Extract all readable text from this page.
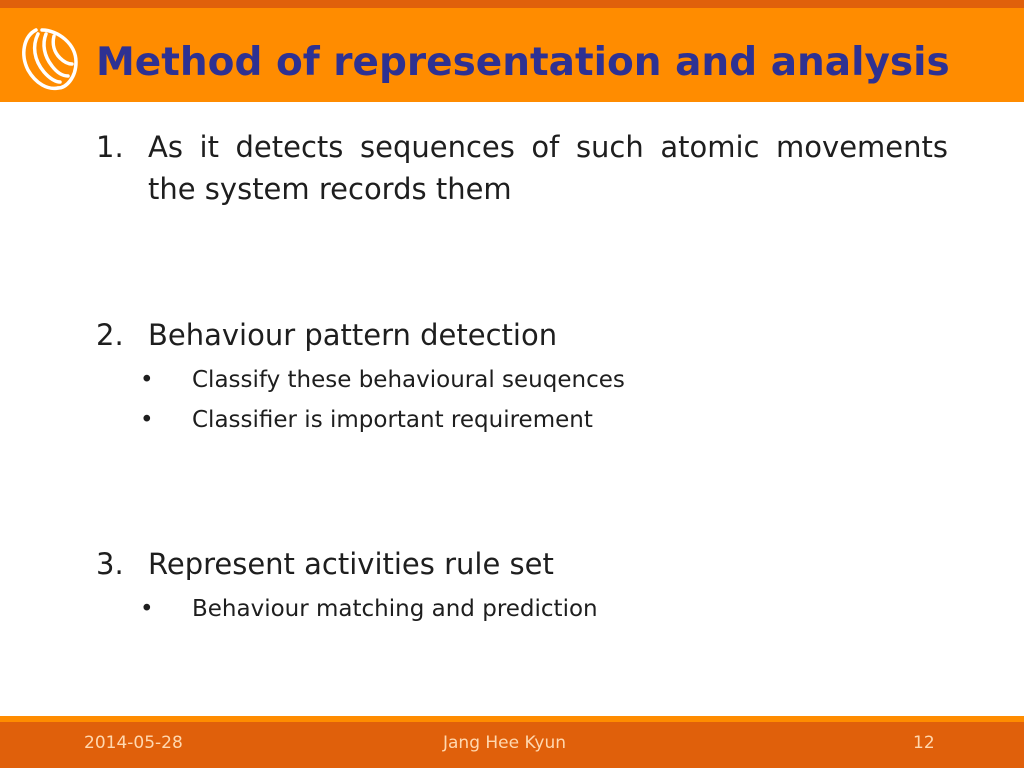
Method of representation and analysis
1. As it detects sequences of such atomic movements the system records them
2. Behaviour pattern detection
• Classify these behavioural seuqences
• Classifier is important requirement
3. Represent activities rule set
• Behaviour matching and prediction
2014-05-28	Jang Hee Kyun	12
